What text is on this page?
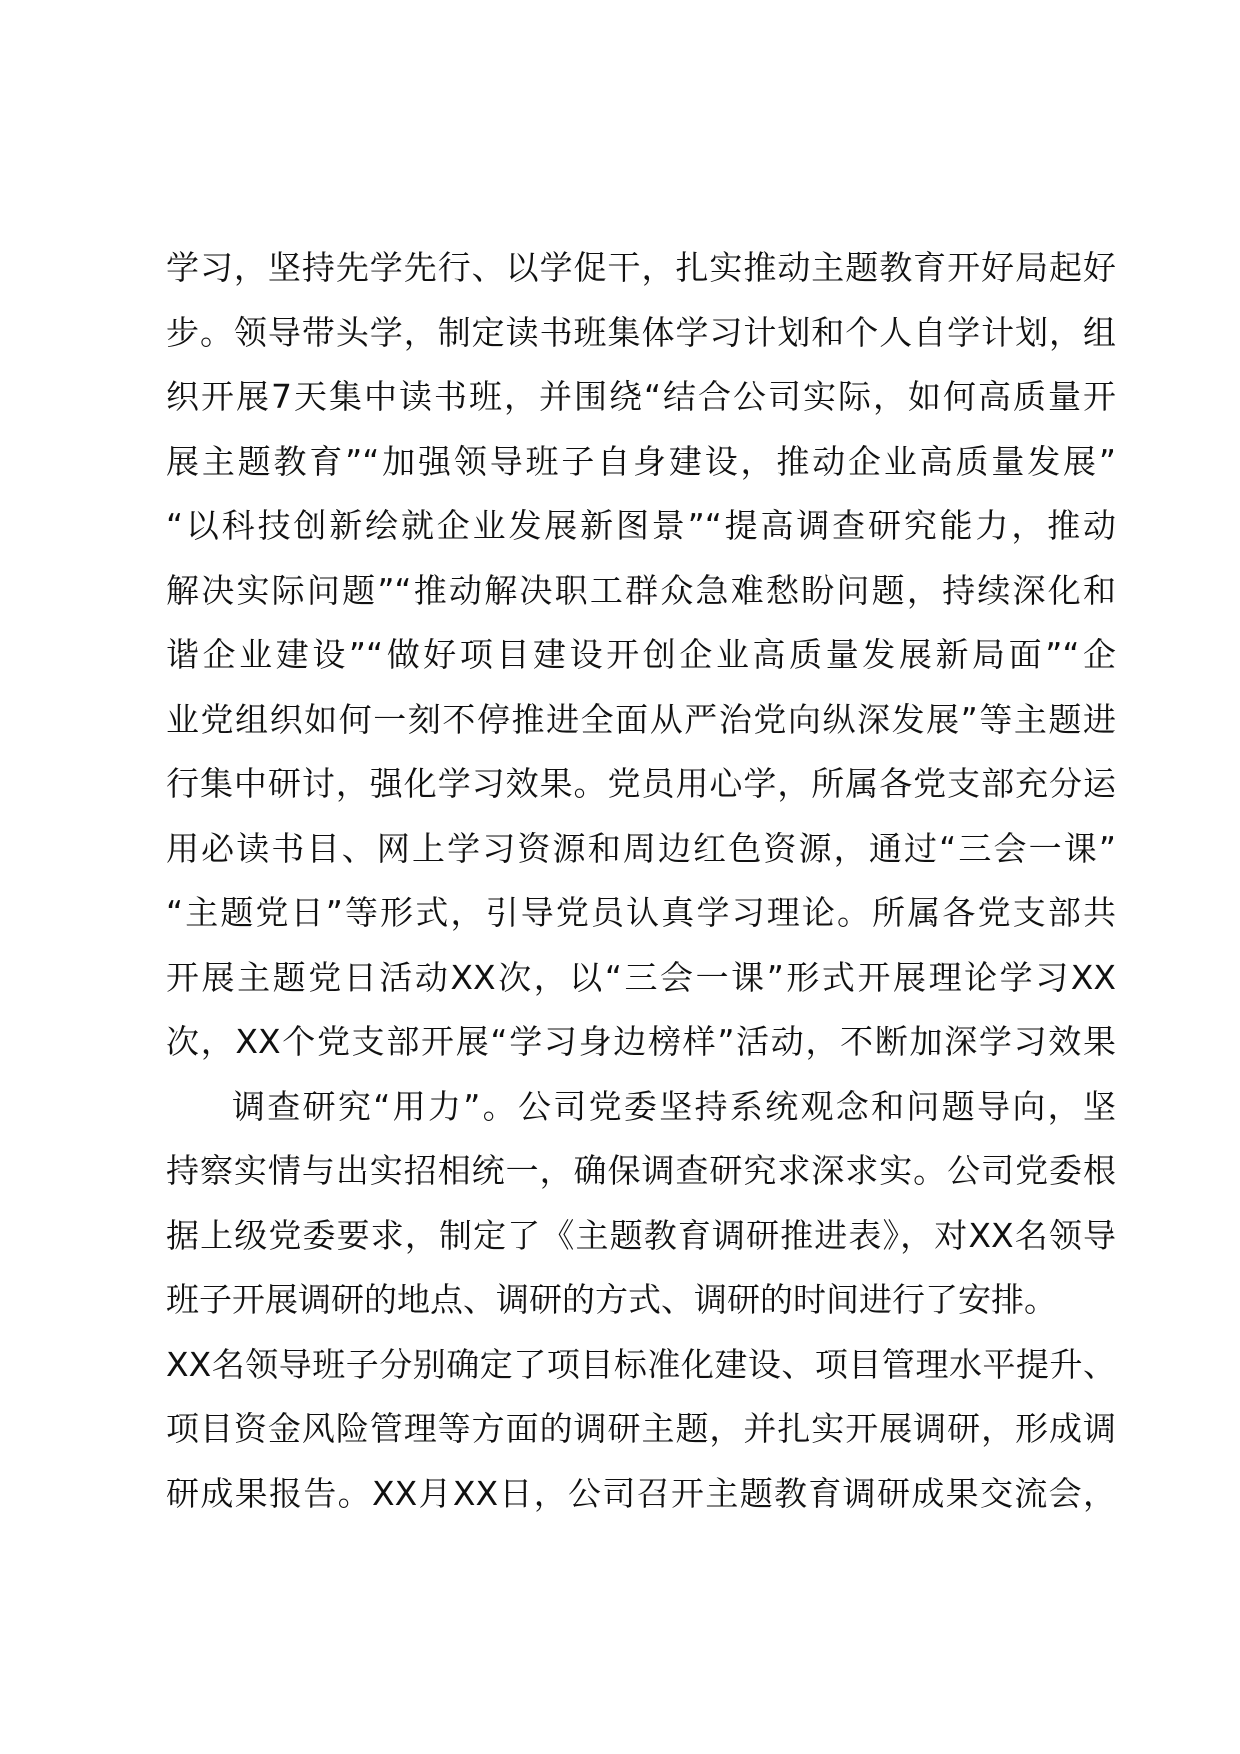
学习，坚持先学先行、以学促干，扎实推动主题教育开好局起好
步。领导带头学，制定读书班集体学习计划和个人自学计划，组
织开展7天集中读书班，并围绕“结合公司实际，如何高质量开
展主题教育”“加强领导班子自身建设，推动企业高质量发展”
“以科技创新绘就企业发展新图景”“提高调查研究能力，推动
解决实际问题”“推动解决职工群众急难愁盼问题，持续深化和
谐企业建设”“做好项目建设开创企业高质量发展新局面”“企
业党组织如何一刻不停推进全面从严治党向纵深发展”等主题进
行集中研讨，强化学习效果。党员用心学，所属各党支部充分运
用必读书目、网上学习资源和周边红色资源，通过“三会一课”
“主题党日”等形式，引导党员认真学习理论。所属各党支部共
开展主题党日活动XX次，以“三会一课”形式开展理论学习XX
次，XX个党支部开展“学习身边榜样”活动，不断加深学习效果
调查研究“用力”。公司党委坚持系统观念和问题导向，坚
持察实情与出实招相统一，确保调查研究求深求实。公司党委根
据上级党委要求，制定了《主题教育调研推进表》，对XX名领导
班子开展调研的地点、调研的方式、调研的时间进行了安排。
XX名领导班子分别确定了项目标准化建设、项目管理水平提升、
项目资金风险管理等方面的调研主题，并扎实开展调研，形成调
研成果报告。XX月XX日，公司召开主题教育调研成果交流会，
